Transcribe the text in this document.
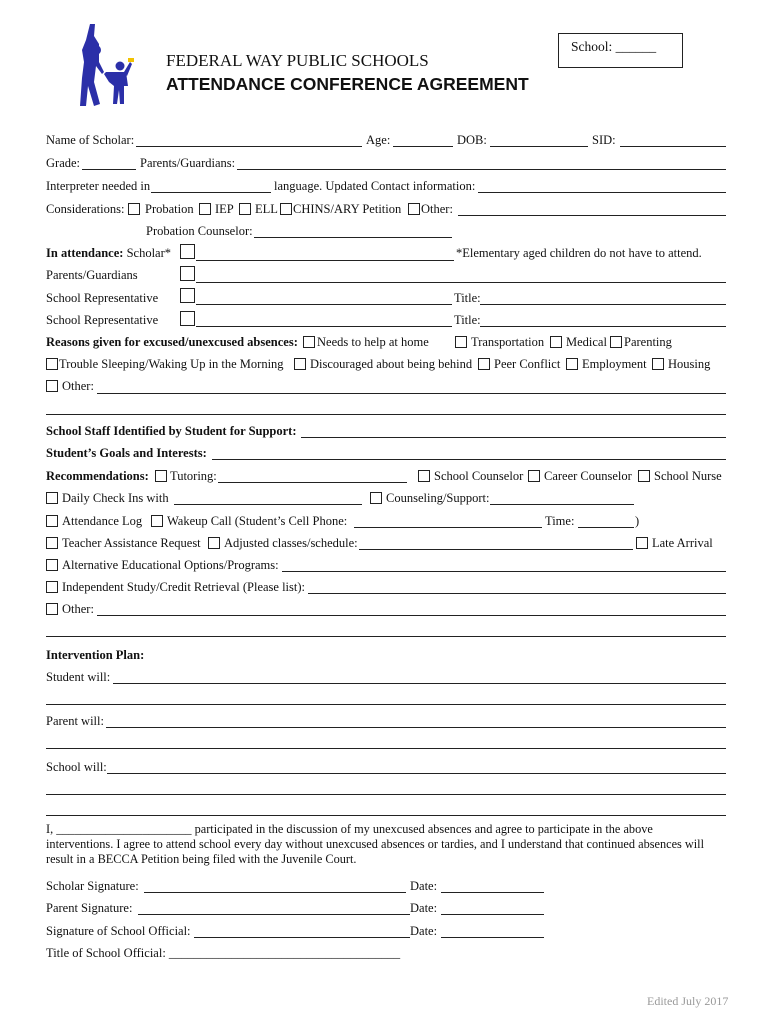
FEDERAL WAY PUBLIC SCHOOLS
ATTENDANCE CONFERENCE AGREEMENT
School: ______
Name of Scholar:	Age:	DOB:	SID:
Grade:	Parents/Guardians:
Interpreter needed in	language. Updated Contact information:
Considerations: Probation IEP ELL CHINS/ARY Petition Other:
Probation Counselor:
In attendance: Scholar*	*Elementary aged children do not have to attend.
Parents/Guardians
School Representative	Title:
School Representative	Title:
Reasons given for excused/unexcused absences: Needs to help at home	Transportation Medical Parenting
Trouble Sleeping/Waking Up in the Morning Discouraged about being behind Peer Conflict Employment Housing
Other:
School Staff Identified by Student for Support:
Student’s Goals and Interests:
Recommendations: Tutoring:	School Counselor Career Counselor School Nurse
Daily Check Ins with	Counseling/Support:
Attendance Log Wakeup Call (Student’s Cell Phone:	Time:	)
Teacher Assistance Request Adjusted classes/schedule:	Late Arrival
Alternative Educational Options/Programs:
Independent Study/Credit Retrieval (Please list):
Other:
Intervention Plan:
Student will:
Parent will:
School will:
I, ______________________ participated in the discussion of my unexcused absences and agree to participate in the above
interventions. I agree to attend school every day without unexcused absences or tardies, and I understand that continued absences will
result in a BECCA Petition being filed with the Juvenile Court.
Scholar Signature:	Date:
Parent Signature:	Date:
Signature of School Official:	Date:
Title of School Official: _____________________________________
Edited July 2017
